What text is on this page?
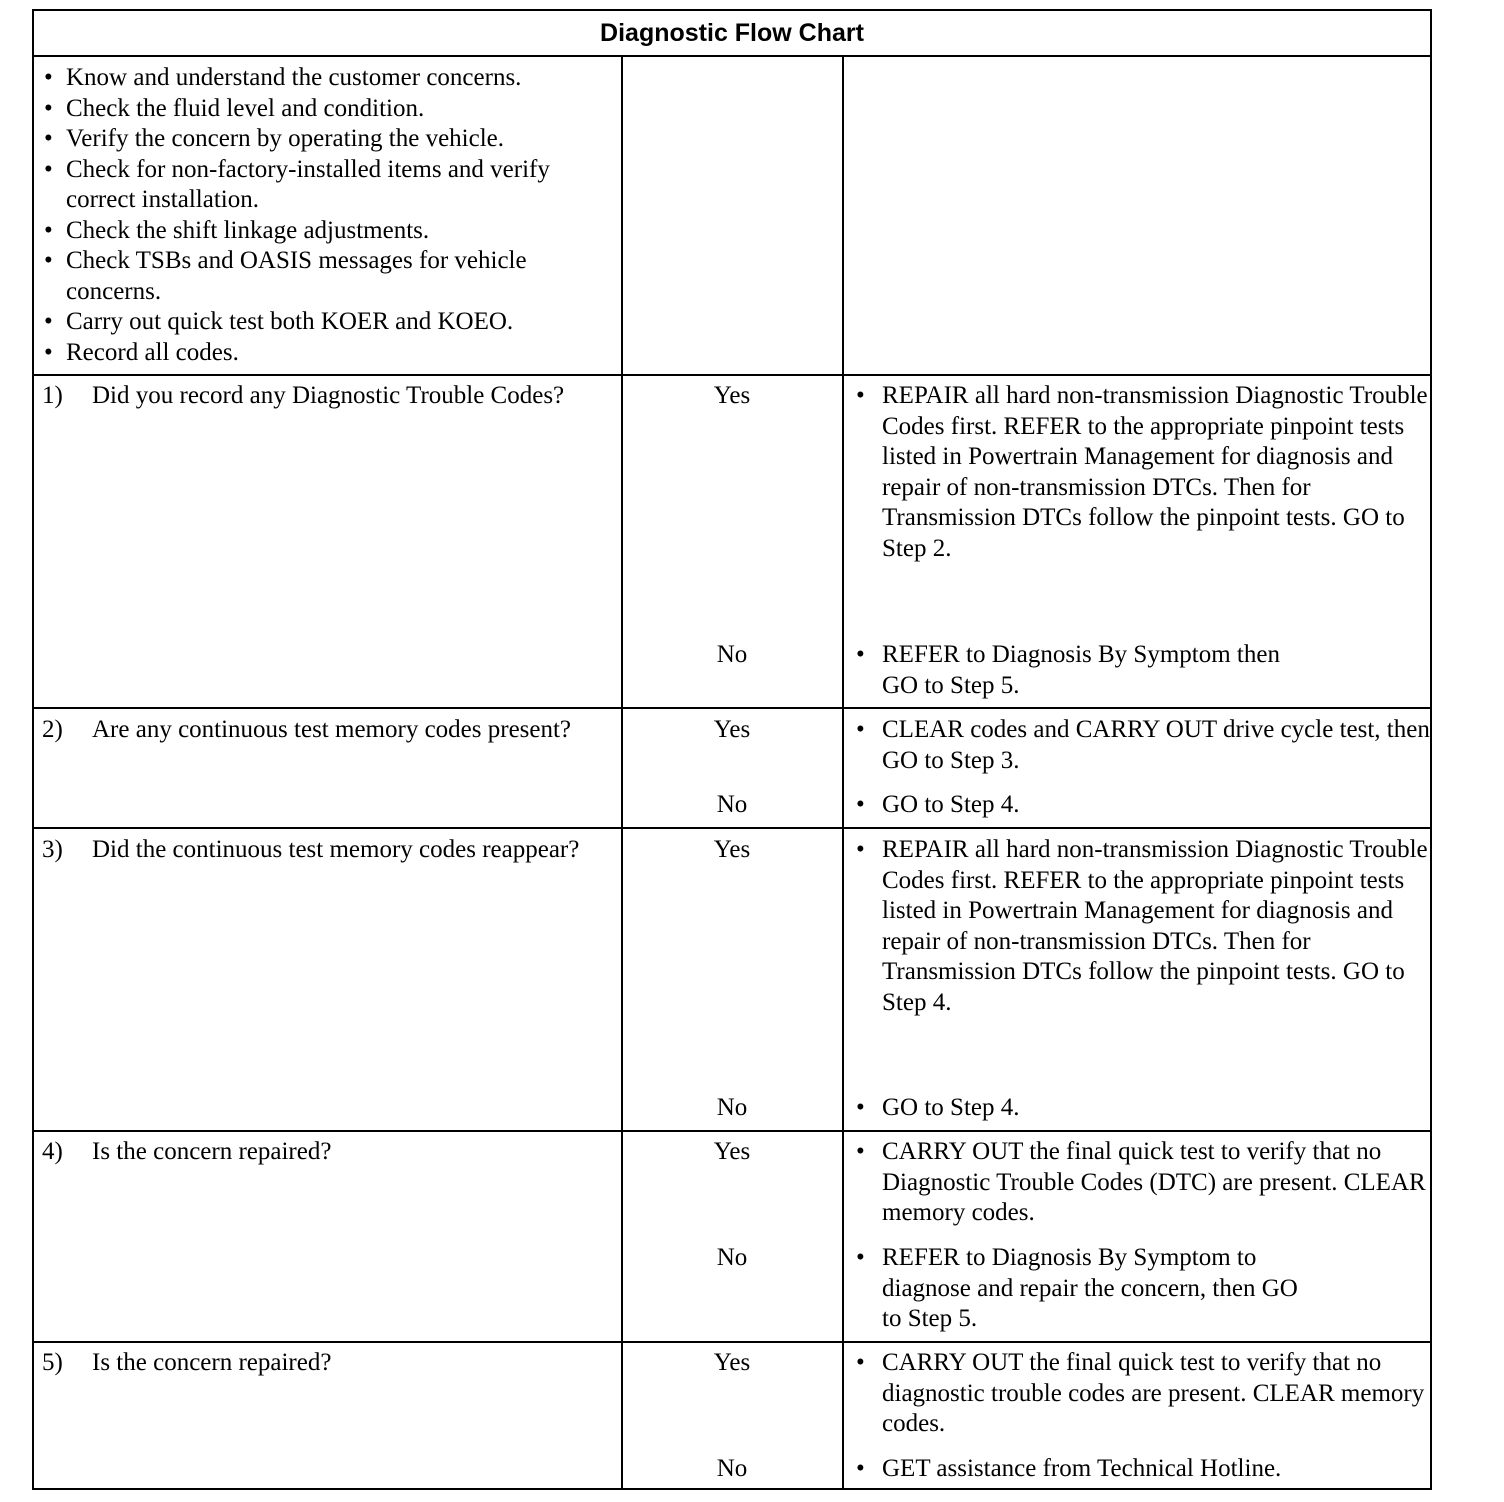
Diagnostic Flow Chart
• Know and understand the customer concerns.
• Check the fluid level and condition.
• Verify the concern by operating the vehicle.
• Check for non-factory-installed items and verify correct installation.
• Check the shift linkage adjustments.
• Check TSBs and OASIS messages for vehicle concerns.
• Carry out quick test both KOER and KOEO.
• Record all codes.
1) Did you record any Diagnostic Trouble Codes?	Yes	• REPAIR all hard non-transmission Diagnostic Trouble Codes first. REFER to the appropriate pinpoint tests listed in Powertrain Management for diagnosis and repair of non-transmission DTCs. Then for Transmission DTCs follow the pinpoint tests. GO to Step 2.
No	• REFER to Diagnosis By Symptom then GO to Step 5.
2) Are any continuous test memory codes present?	Yes	• CLEAR codes and CARRY OUT drive cycle test, then GO to Step 3.
No	• GO to Step 4.
3) Did the continuous test memory codes reappear?	Yes	• REPAIR all hard non-transmission Diagnostic Trouble Codes first. REFER to the appropriate pinpoint tests listed in Powertrain Management for diagnosis and repair of non-transmission DTCs. Then for Transmission DTCs follow the pinpoint tests. GO to Step 4.
No	• GO to Step 4.
4) Is the concern repaired?	Yes	• CARRY OUT the final quick test to verify that no Diagnostic Trouble Codes (DTC) are present. CLEAR memory codes.
No	• REFER to Diagnosis By Symptom to diagnose and repair the concern, then GO to Step 5.
5) Is the concern repaired?	Yes	• CARRY OUT the final quick test to verify that no diagnostic trouble codes are present. CLEAR memory codes.
No	• GET assistance from Technical Hotline.
